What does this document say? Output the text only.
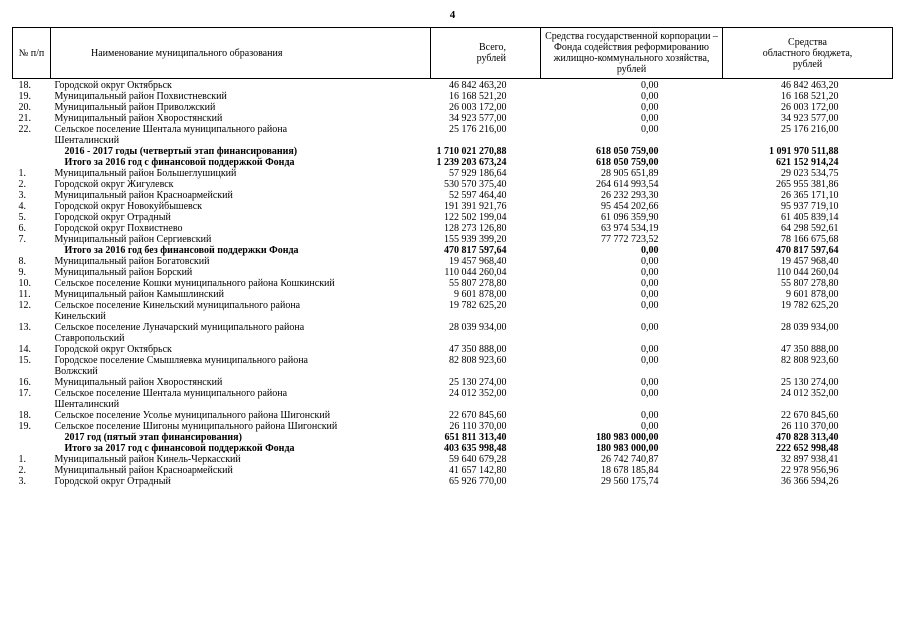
4
№ п/п	Наименование муниципального образования	Всего,
рублей	Средства государственной корпорации –
Фонда содействия реформированию
жилищно-коммунального хозяйства,
рублей	Средства
областного бюджета,
рублей
18.	Городской округ Октябрьск	46 842 463,20	0,00	46 842 463,20
19.	Муниципальный район Похвистневский	16 168 521,20	0,00	16 168 521,20
20.	Муниципальный район Приволжский	26 003 172,00	0,00	26 003 172,00
21.	Муниципальный район Хворостянский	34 923 577,00	0,00	34 923 577,00
22.	Сельское поселение Шентала муниципального района Шенталинский	25 176 216,00	0,00	25 176 216,00
	2016 - 2017 годы (четвертый этап финансирования)	1 710 021 270,88	618 050 759,00	1 091 970 511,88
	Итого за 2016 год с финансовой поддержкой Фонда	1 239 203 673,24	618 050 759,00	621 152 914,24
1.	Муниципальный район Большеглушицкий	57 929 186,64	28 905 651,89	29 023 534,75
2.	Городской округ Жигулевск	530 570 375,40	264 614 993,54	265 955 381,86
3.	Муниципальный район Красноармейский	52 597 464,40	26 232 293,30	26 365 171,10
4.	Городской округ Новокуйбышевск	191 391 921,76	95 454 202,66	95 937 719,10
5.	Городской округ Отрадный	122 502 199,04	61 096 359,90	61 405 839,14
6.	Городской округ Похвистнево	128 273 126,80	63 974 534,19	64 298 592,61
7.	Муниципальный район Сергиевский	155 939 399,20	77 772 723,52	78 166 675,68
	Итого за 2016 год без финансовой поддержки Фонда	470 817 597,64	0,00	470 817 597,64
8.	Муниципальный район Богатовский	19 457 968,40	0,00	19 457 968,40
9.	Муниципальный район Борский	110 044 260,04	0,00	110 044 260,04
10.	Сельское поселение Кошки муниципального района Кошкинский	55 807 278,80	0,00	55 807 278,80
11.	Муниципальный район Камышлинский	9 601 878,00	0,00	9 601 878,00
12.	Сельское поселение Кинельский муниципального района Кинельский	19 782 625,20	0,00	19 782 625,20
13.	Сельское поселение Луначарский муниципального района Ставропольский	28 039 934,00	0,00	28 039 934,00
14.	Городской округ Октябрьск	47 350 888,00	0,00	47 350 888,00
15.	Городское поселение Смышляевка муниципального района Волжский	82 808 923,60	0,00	82 808 923,60
16.	Муниципальный район Хворостянский	25 130 274,00	0,00	25 130 274,00
17.	Сельское поселение Шентала муниципального района Шенталинский	24 012 352,00	0,00	24 012 352,00
18.	Сельское поселение Усолье муниципального района Шигонский	22 670 845,60	0,00	22 670 845,60
19.	Сельское поселение Шигоны муниципального района Шигонский	26 110 370,00	0,00	26 110 370,00
	2017 год (пятый этап финансирования)	651 811 313,40	180 983 000,00	470 828 313,40
	Итого за 2017 год с финансовой поддержкой Фонда	403 635 998,48	180 983 000,00	222 652 998,48
1.	Муниципальный район Кинель-Черкасский	59 640 679,28	26 742 740,87	32 897 938,41
2.	Муниципальный район Красноармейский	41 657 142,80	18 678 185,84	22 978 956,96
3.	Городской округ Отрадный	65 926 770,00	29 560 175,74	36 366 594,26
